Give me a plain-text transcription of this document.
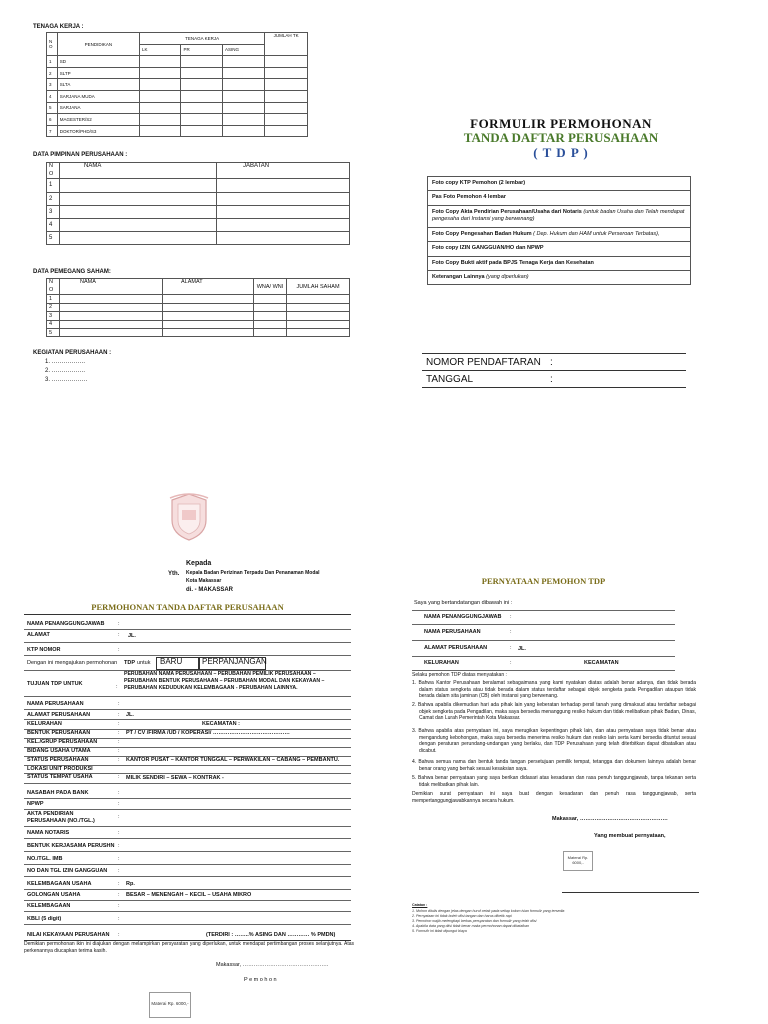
TENAGA KERJA :
N O	PENDIDIKAN	TENAGA KERJA			JUMLAH TK
		LK	PR	ASING	
1	SD				
2	SLTP				
3	SLTA				
4	SARJANA MUDA				
5	SARJANA				
6	MAGESTER/S2				
7	DOKTOR/PHD/S3				
DATA PIMPINAN PERUSAHAAN :
N O	NAMA	JABATAN
1		
2		
3		
4		
5		
DATA PEMEGANG SAHAM:
N O	NAMA	ALAMAT	WNA/ WNI	JUMLAH SAHAM
1				
2				
3				
4				
5				
KEGIATAN PERUSAHAAN :
1. ……………..
2. ……………..
3. ………………
FORMULIR PERMOHONAN
TANDA DAFTAR PERUSAHAAN
( T D P )
Foto copy KTP Pemohon (2 lembar)
Pas Foto Pemohon 4 lembar
Foto Copy Akta Pendirian Perusahaan/Usaha dari Notaris (untuk badan Usaha dan Telah mendapat pengesaha dari Instansi yang berwenang)
Foto Copy Pengesahan Badan Hukum ( Dep. Hukum dan HAM untuk Perseroan Terbatas),
Foto copy IZIN GANGGUAN/HO dan NPWP
Foto Copy Bukti aktif pada BPJS Tenaga Kerja dan Kesehatan
Keterangan Lainnya (yang diperlukan)
NOMOR PENDAFTARAN :
TANGGAL	:
Kepada
Yth. Kepala Badan Perizinan Terpadu Dan Penanaman Modal
Kota Makassar
di. - MAKASSAR
PERMOHONAN TANDA DAFTAR PERUSAHAAN
NAMA PENANGGUNGJAWAB :
ALAMAT	: JL.
KTP NOMOR	:
Dengan ini mengajukan permohonan TDP untuk BARU PERPANJANGAN
TUJUAN TDP UNTUK	:
PERUBAHAN NAMA PERUSAHAAN – PERUBAHAN PEMILIK PERUSAHAAN – PERUBAHAN BENTUK PERUSAHAAN – PERUBAHAN MODAL DAN KEKAYAAN – PERUBAHAN KEDUDUKAN KELEMBAGAAN - PERUBAHAN LAINNYA.
NAMA PERUSAHAAN	:
ALAMAT PERUSAHAAN	: JL.
KELURAHAN	:	KECAMATAN :
BENTUK PERUSAHAAN	: PT / CV /FIRMA /UD / KOPERASI/ ……………………………………
KEL./GRUP PERUSAHAAN	:
BIDANG USAHA UTAMA	:
STATUS PERUSAHAAN	: KANTOR PUSAT – KANTOR TUNGGAL – PERWAKILAN – CABANG – PEMBANTU.
LOKASI UNIT PRODUKSI
STATUS TEMPAT USAHA	: MILIK SENDIRI – SEWA – KONTRAK -
NASABAH PADA BANK	:
NPWP	:
AKTA PENDIRIAN PERUSAHAAN (NO./TGL.)
:
NAMA NOTARIS	:
BENTUK KERJASAMA PERUSHN :
NO./TGL. IMB	:
NO DAN TGL IZIN GANGGUAN :
KELEMBAGAAN USAHA	: Rp.
GOLONGAN USAHA	: BESAR – MENENGAH – KECIL – USAHA MIKRO
KELEMBAGAAN	:
KBLI (5 digit)	:
NILAI KEKAYAAN PERUSAHAN :	(TERDIRI : ……..% ASING DAN ………… % PMDN)
Demikian permohonan ikin ini diajukan dengan melampirkan persyaratan yang diperlukan, untuk mendapat pertimbangan proses selanjutnya. Atas perkenannya diucapkan terima kasih.
Makassar, ………………………………………..
P e m o h o n
Materai Rp. 6000,-
PERNYATAAN PEMOHON TDP
Saya yang bertandatangan dibawah ini :
NAMA PENANGGUNGJAWAB :
NAMA PERUSAHAAN	:
ALAMAT PERUSAHAAN	: JL.
KELURAHAN	:	KECAMATAN
Selaku pemohon TDP diatas menyatakan :
1. Bahwa Kantor Perusahaan beralamat sebagaimana yang kami nyatakan diatas adalah benar adanya, dan tidak berada dalam status sengketa atau tidak berada dalam status terdaftar sebagai objek sengketa pada Pengadilan ataupun tidak berada dalam sita jaminan (CB) oleh instansi yang berwenang.
2. Bahwa apabila dikemudian hari ada pihak lain yang keberatan terhadap persil tanah yang dimaksud atau terdaftar sebagai objek sengketa pada Pengadilan, maka saya bersedia menanggung resiko hukum dan tidak melibatkan pihak Badan, Dinas, Camat dan Lurah Pemerintah Kota Makassar.
3. Bahwa apabila atas pernyataan ini, saya merugikan kepentingan pihak lain, dan atau pernyataan saya tidak benar atau mengandung kebohongan, maka saya bersedia menerima resiko hukum dan resiko lain serta kami bersedia dituntut sesuai dengan peraturan perundang-undangan yang berlaku, dan TDP Perusahaan yang telah diterbitkan dapat dibatalkan atau dicabut.
4. Bahwa semua nama dan bentuk tanda tangan persetujuan pemilik tempat, tetangga dan dokumen lainnya adalah benar benar orang yang berhak sesuai kesaksian saya.
5. Bahwa benar pernyataan yang saya berikan didasari atas kesadaran dan rasa penuh tanggungjawab, tanpa tekanan serta tidak melibatkan pihak lain.
Demikian surat pernyataan ini saya buat dengan kesadaran dan penuh rasa tanggungjawab, serta mempertanggungjawabkannya secara hukum.
Makassar, …………………………………………
Yang membuat pernyataan,
Materai Rp. 6000,-
Catatan :
1. Mohon ditulis dengan jelas dengan huruf cetak pada setiap kolom isian formulir yang tersedia
2. Pernyataan ini tidak boleh diisi tangan dan harus diketik rapi
3. Pemohon wajib melengkapi berkas persyaratan dan formulir yang telah diisi
4. Apabila data yang diisi tidak benar maka permohonan dapat dibatalkan
5. Formulir ini tidak dipungut biaya
